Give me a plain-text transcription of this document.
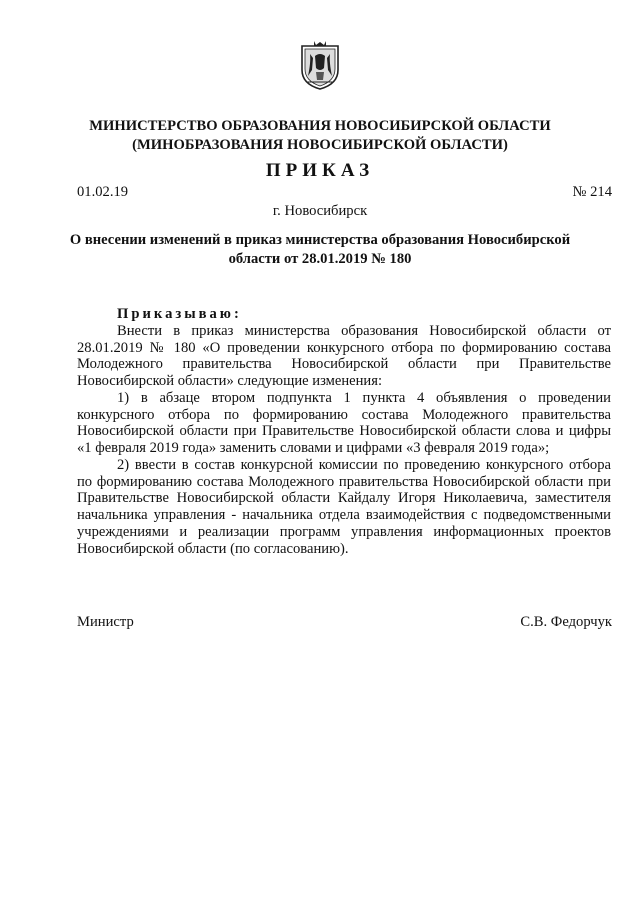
МИНИСТЕРСТВО ОБРАЗОВАНИЯ НОВОСИБИРСКОЙ ОБЛАСТИ
(МИНОБРАЗОВАНИЯ НОВОСИБИРСКОЙ ОБЛАСТИ)
ПРИКАЗ
01.02.19	№ 214
г. Новосибирск
О внесении изменений в приказ министерства образования Новосибирской
области от 28.01.2019 № 180

Приказываю:

Внести в приказ министерства образования Новосибирской области от 28.01.2019 № 180 «О проведении конкурсного отбора по формированию состава Молодежного правительства Новосибирской области при Правительстве Новосибирской области» следующие изменения:

1) в абзаце втором подпункта 1 пункта 4 объявления о проведении конкурсного отбора по формированию состава Молодежного правительства Новосибирской области при Правительстве Новосибирской области слова и цифры «1 февраля 2019 года» заменить словами и цифрами «3 февраля 2019 года»;

2) ввести в состав конкурсной комиссии по проведению конкурсного отбора по формированию состава Молодежного правительства Новосибирской области при Правительстве Новосибирской области Кайдалу Игоря Николаевича, заместителя начальника управления - начальника отдела взаимодействия с подведомственными учреждениями и реализации программ управления информационных проектов Новосибирской области (по согласованию).

Министр	С.В. Федорчук
